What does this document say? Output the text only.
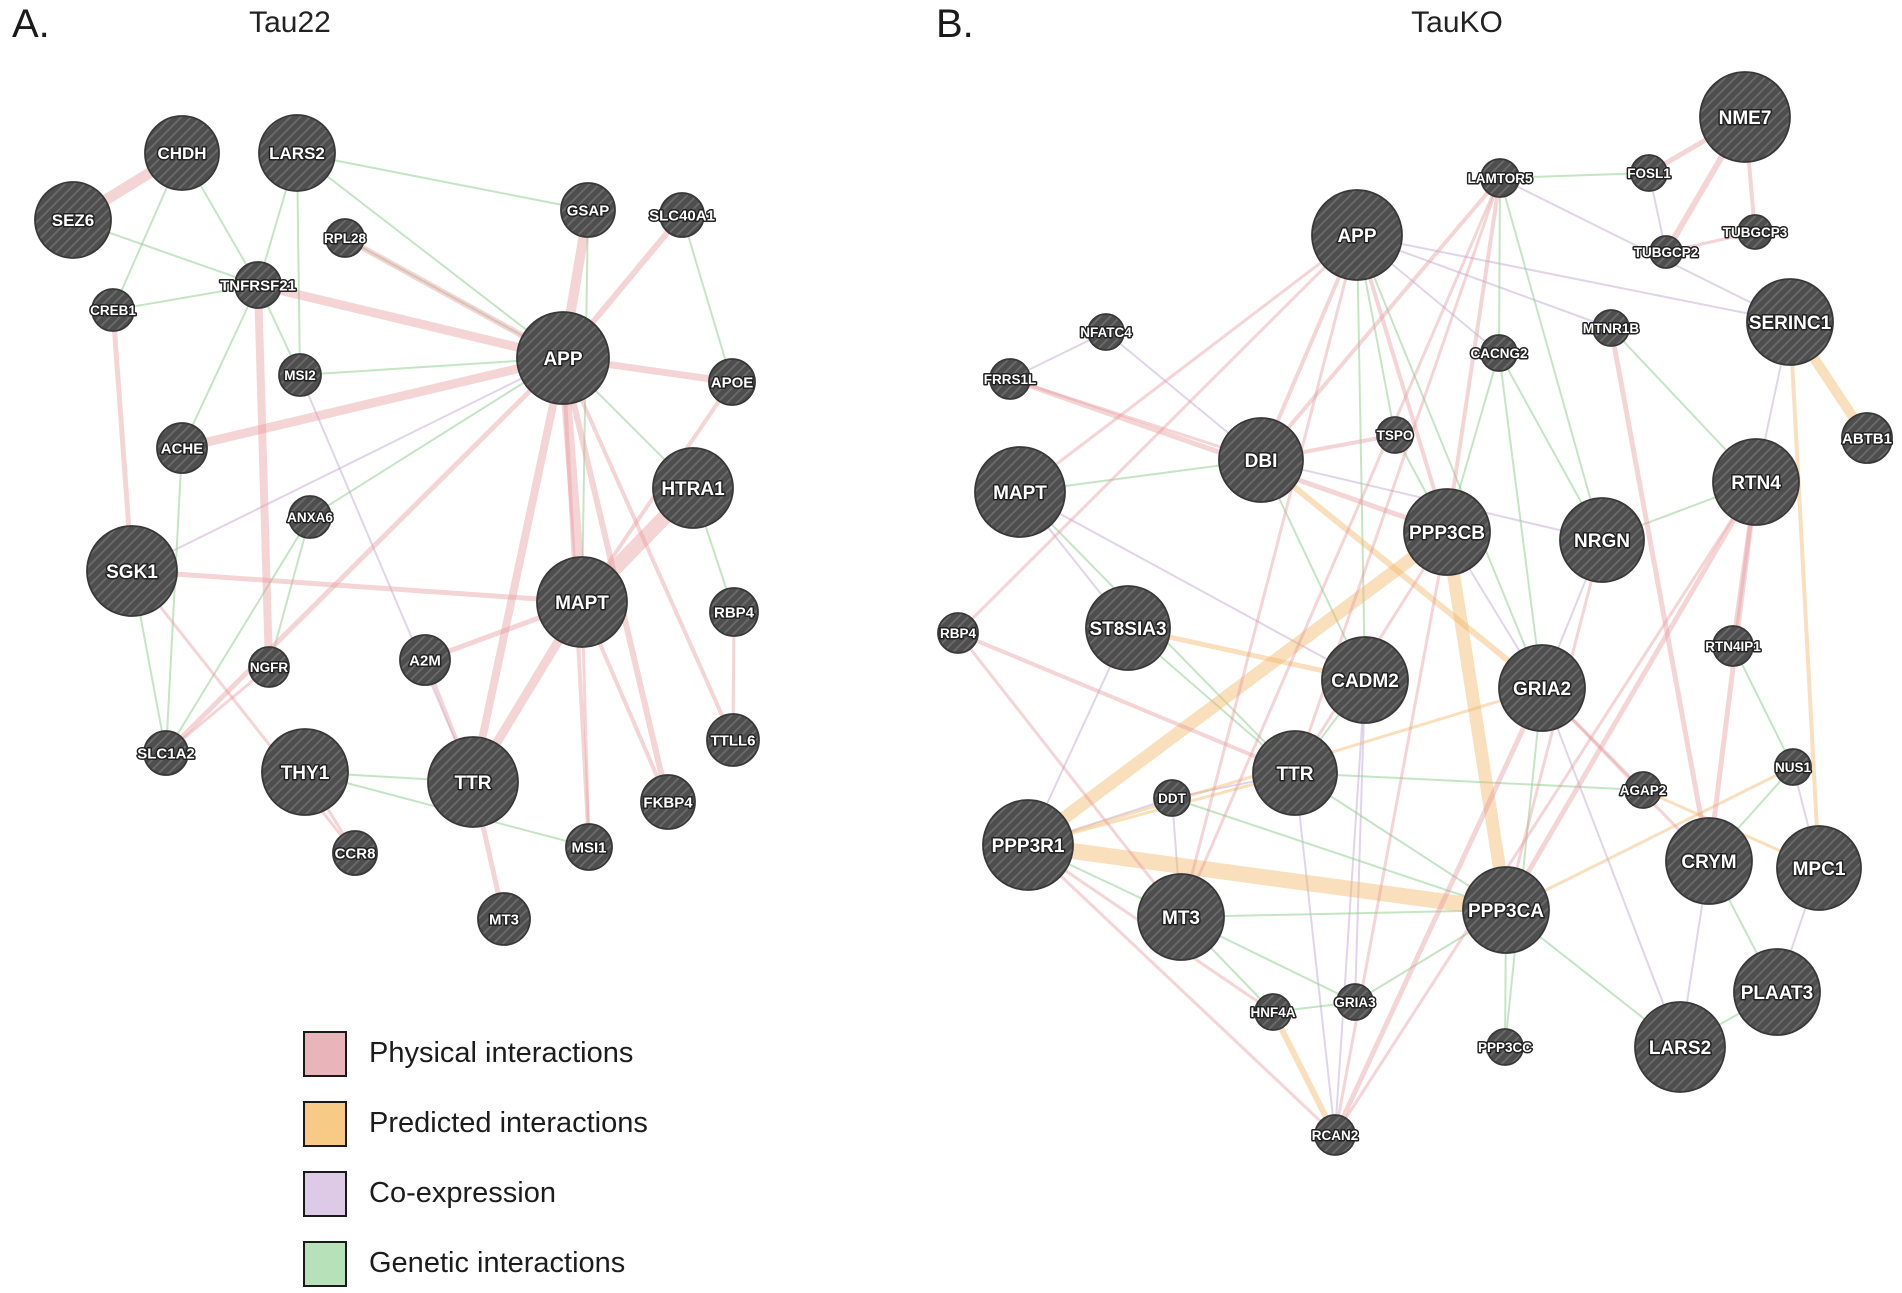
CHDH	LARS2
SEZ6
GSAP	SLC40A1
RPL28
TNFRSF21
CREB1
MSI2
APP
APOE
ACHE
HTRA1
ANXA6
SGK1
MAPT	RBP4
NGFR	A2M
SLC1A2
THY1	TTR
TTLL6
FKBP4
MSI1
CCR8
MT3
NME7
FOSL1
TUBGCP3
TUBGCP2
LAMTOR5
APP
SERINC1
MTNR1B
NFATC4
FRRS1L
CACNG2
ABTB1
TSPO
DBI
MAPT
PPP3CB	NRGN
RTN4
ST8SIA3
RBP4
CADM2	GRIA2
RTN4IP1
TTR
DDT
AGAP2
NUS1
PPP3R1
MT3	PPP3CA
CRYM	MPC1
HNF4A
GRIA3
PPP3CC
RCAN2
LARS2
PLAAT3
A.	Tau22	B.	TauKO
Physical interactions
Predicted interactions
Co-expression
Genetic interactions
